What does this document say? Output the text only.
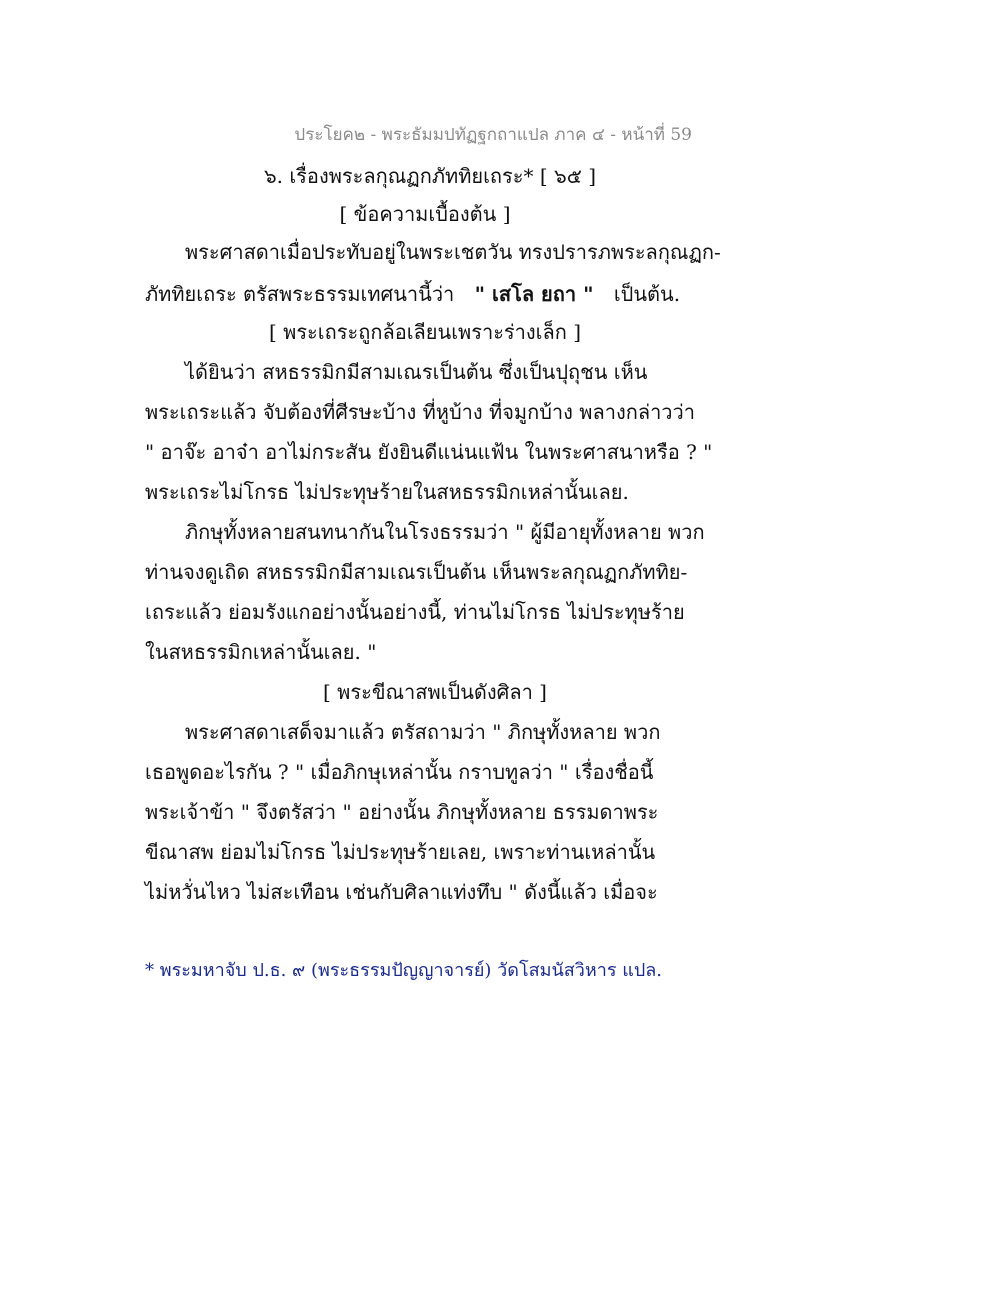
ประโยค๒ - พระธัมมปทัฏฐกถาแปล ภาค ๔ - หน้าที่ 59
๖. เรื่องพระลกุณฏกภัททิยเถระ* [ ๖๕ ]
[ ข้อความเบื้องต้น ]
พระศาสดาเมื่อประทับอยู่ในพระเชตวัน ทรงปรารภพระลกุณฏก-
ภัททิยเถระ ตรัสพระธรรมเทศนานี้ว่า " เสโล ยถา " เป็นต้น.
[ พระเถระถูกล้อเลียนเพราะร่างเล็ก ]
ได้ยินว่า สหธรรมิกมีสามเณรเป็นต้น ซึ่งเป็นปุถุชน เห็น
พระเถระแล้ว จับต้องที่ศีรษะบ้าง ที่หูบ้าง ที่จมูกบ้าง พลางกล่าวว่า
" อาจ๊ะ อาจ๋า อาไม่กระสัน ยังยินดีแน่นแฟ้น ในพระศาสนาหรือ ? "
พระเถระไม่โกรธ ไม่ประทุษร้ายในสหธรรมิกเหล่านั้นเลย.
ภิกษุทั้งหลายสนทนากันในโรงธรรมว่า " ผู้มีอายุทั้งหลาย พวก
ท่านจงดูเถิด สหธรรมิกมีสามเณรเป็นต้น เห็นพระลกุณฏกภัททิย-
เถระแล้ว ย่อมรังแกอย่างนั้นอย่างนี้, ท่านไม่โกรธ ไม่ประทุษร้าย
ในสหธรรมิกเหล่านั้นเลย. "
[ พระขีณาสพเป็นดังศิลา ]
พระศาสดาเสด็จมาแล้ว ตรัสถามว่า " ภิกษุทั้งหลาย พวก
เธอพูดอะไรกัน ? " เมื่อภิกษุเหล่านั้น กราบทูลว่า " เรื่องชื่อนี้
พระเจ้าข้า " จึงตรัสว่า " อย่างนั้น ภิกษุทั้งหลาย ธรรมดาพระ
ขีณาสพ ย่อมไม่โกรธ ไม่ประทุษร้ายเลย, เพราะท่านเหล่านั้น
ไม่หวั่นไหว ไม่สะเทือน เช่นกับศิลาแท่งทึบ " ดังนี้แล้ว เมื่อจะ
* พระมหาจับ ป.ธ. ๙ (พระธรรมปัญญาจารย์) วัดโสมนัสวิหาร แปล.
